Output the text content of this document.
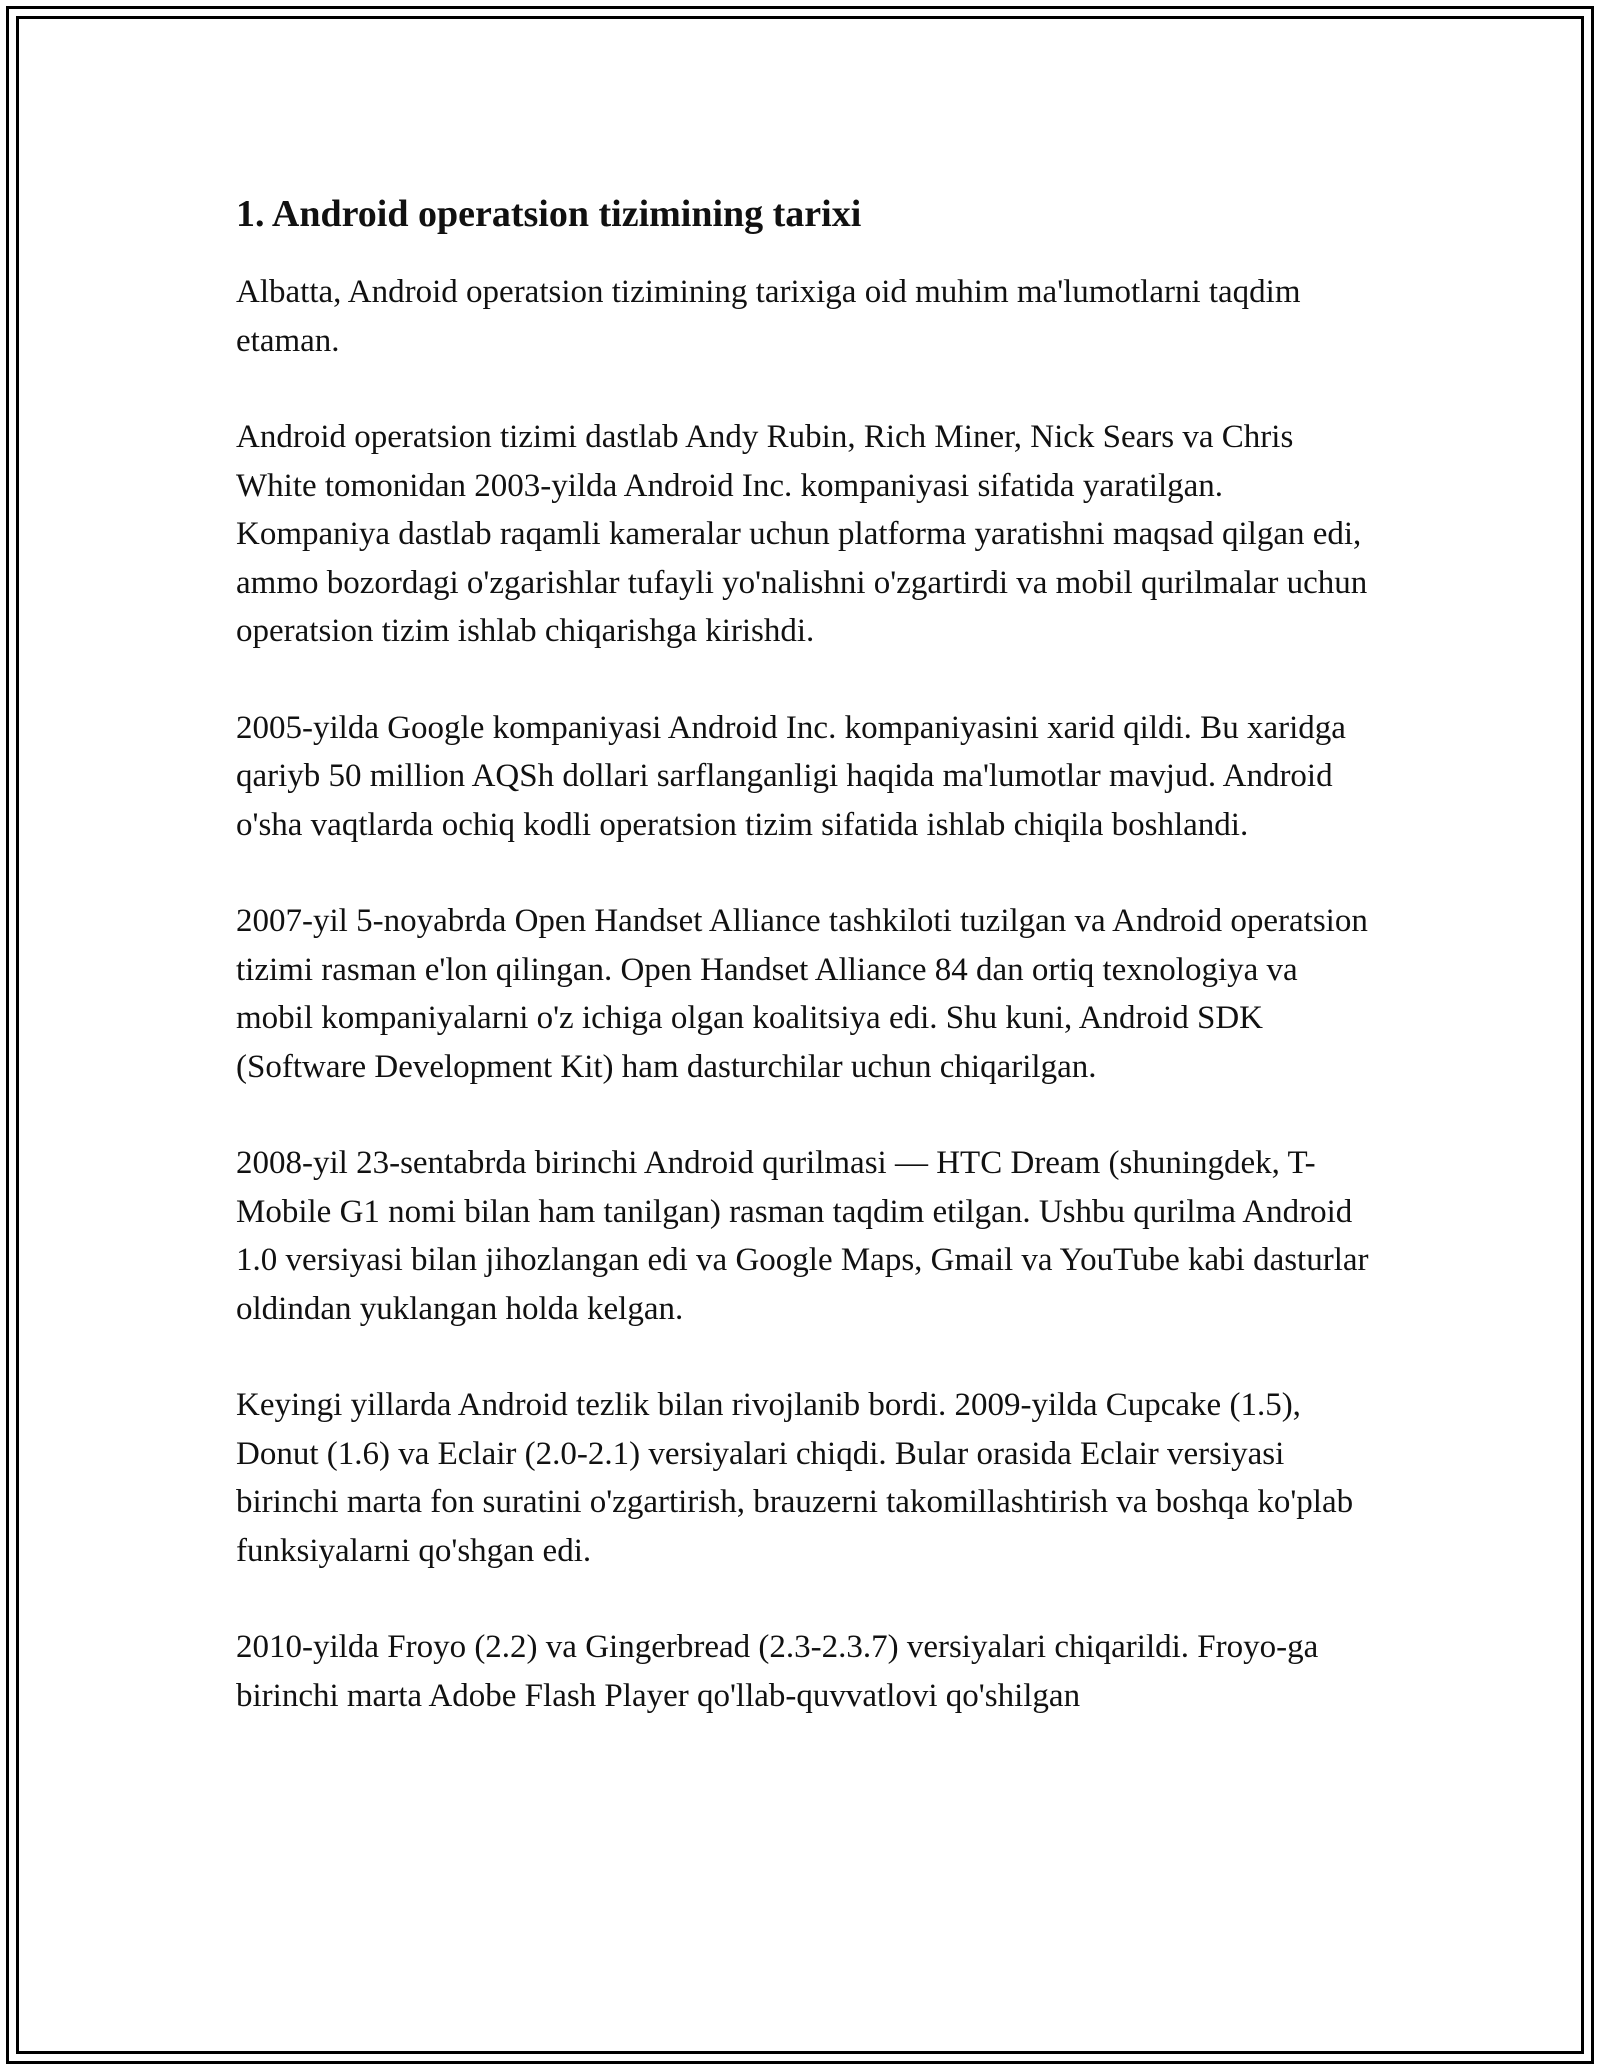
1. Android operatsion tizimining tarixi

Albatta, Android operatsion tizimining tarixiga oid muhim ma'lumotlarni taqdim etaman.

Android operatsion tizimi dastlab Andy Rubin, Rich Miner, Nick Sears va Chris White tomonidan 2003-yilda Android Inc. kompaniyasi sifatida yaratilgan. Kompaniya dastlab raqamli kameralar uchun platforma yaratishni maqsad qilgan edi, ammo bozordagi o'zgarishlar tufayli yo'nalishni o'zgartirdi va mobil qurilmalar uchun operatsion tizim ishlab chiqarishga kirishdi.

2005-yilda Google kompaniyasi Android Inc. kompaniyasini xarid qildi. Bu xaridga qariyb 50 million AQSh dollari sarflanganligi haqida ma'lumotlar mavjud. Android o'sha vaqtlarda ochiq kodli operatsion tizim sifatida ishlab chiqila boshlandi.

2007-yil 5-noyabrda Open Handset Alliance tashkiloti tuzilgan va Android operatsion tizimi rasman e'lon qilingan. Open Handset Alliance 84 dan ortiq texnologiya va mobil kompaniyalarni o'z ichiga olgan koalitsiya edi. Shu kuni, Android SDK (Software Development Kit) ham dasturchilar uchun chiqarilgan.

2008-yil 23-sentabrda birinchi Android qurilmasi — HTC Dream (shuningdek, T-Mobile G1 nomi bilan ham tanilgan) rasman taqdim etilgan. Ushbu qurilma Android 1.0 versiyasi bilan jihozlangan edi va Google Maps, Gmail va YouTube kabi dasturlar oldindan yuklangan holda kelgan.

Keyingi yillarda Android tezlik bilan rivojlanib bordi. 2009-yilda Cupcake (1.5), Donut (1.6) va Eclair (2.0-2.1) versiyalari chiqdi. Bular orasida Eclair versiyasi birinchi marta fon suratini o'zgartirish, brauzerni takomillashtirish va boshqa ko'plab funksiyalarni qo'shgan edi.

2010-yilda Froyo (2.2) va Gingerbread (2.3-2.3.7) versiyalari chiqarildi. Froyo-ga birinchi marta Adobe Flash Player qo'llab-quvvatlovi qo'shilgan
